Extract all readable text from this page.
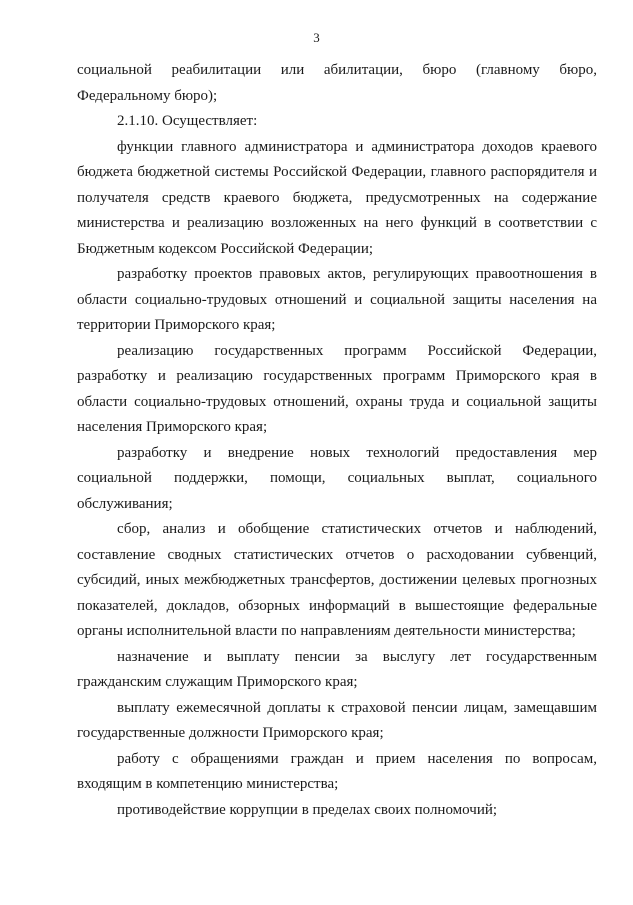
3

социальной реабилитации или абилитации, бюро (главному бюро, Федеральному бюро);

2.1.10. Осуществляет:

функции главного администратора и администратора доходов краевого бюджета бюджетной системы Российской Федерации, главного распорядителя и получателя средств краевого бюджета, предусмотренных на содержание министерства и реализацию возложенных на него функций в соответствии с Бюджетным кодексом Российской Федерации;

разработку проектов правовых актов, регулирующих правоотношения в области социально-трудовых отношений и социальной защиты населения на территории Приморского края;

реализацию государственных программ Российской Федерации, разработку и реализацию государственных программ Приморского края в области социально-трудовых отношений, охраны труда и социальной защиты населения Приморского края;

разработку и внедрение новых технологий предоставления мер социальной поддержки, помощи, социальных выплат, социального обслуживания;

сбор, анализ и обобщение статистических отчетов и наблюдений, составление сводных статистических отчетов о расходовании субвенций, субсидий, иных межбюджетных трансфертов, достижении целевых прогнозных показателей, докладов, обзорных информаций в вышестоящие федеральные органы исполнительной власти по направлениям деятельности министерства;

назначение и выплату пенсии за выслугу лет государственным гражданским служащим Приморского края;

выплату ежемесячной доплаты к страховой пенсии лицам, замещавшим государственные должности Приморского края;

работу с обращениями граждан и прием населения по вопросам, входящим в компетенцию министерства;

противодействие коррупции в пределах своих полномочий;
